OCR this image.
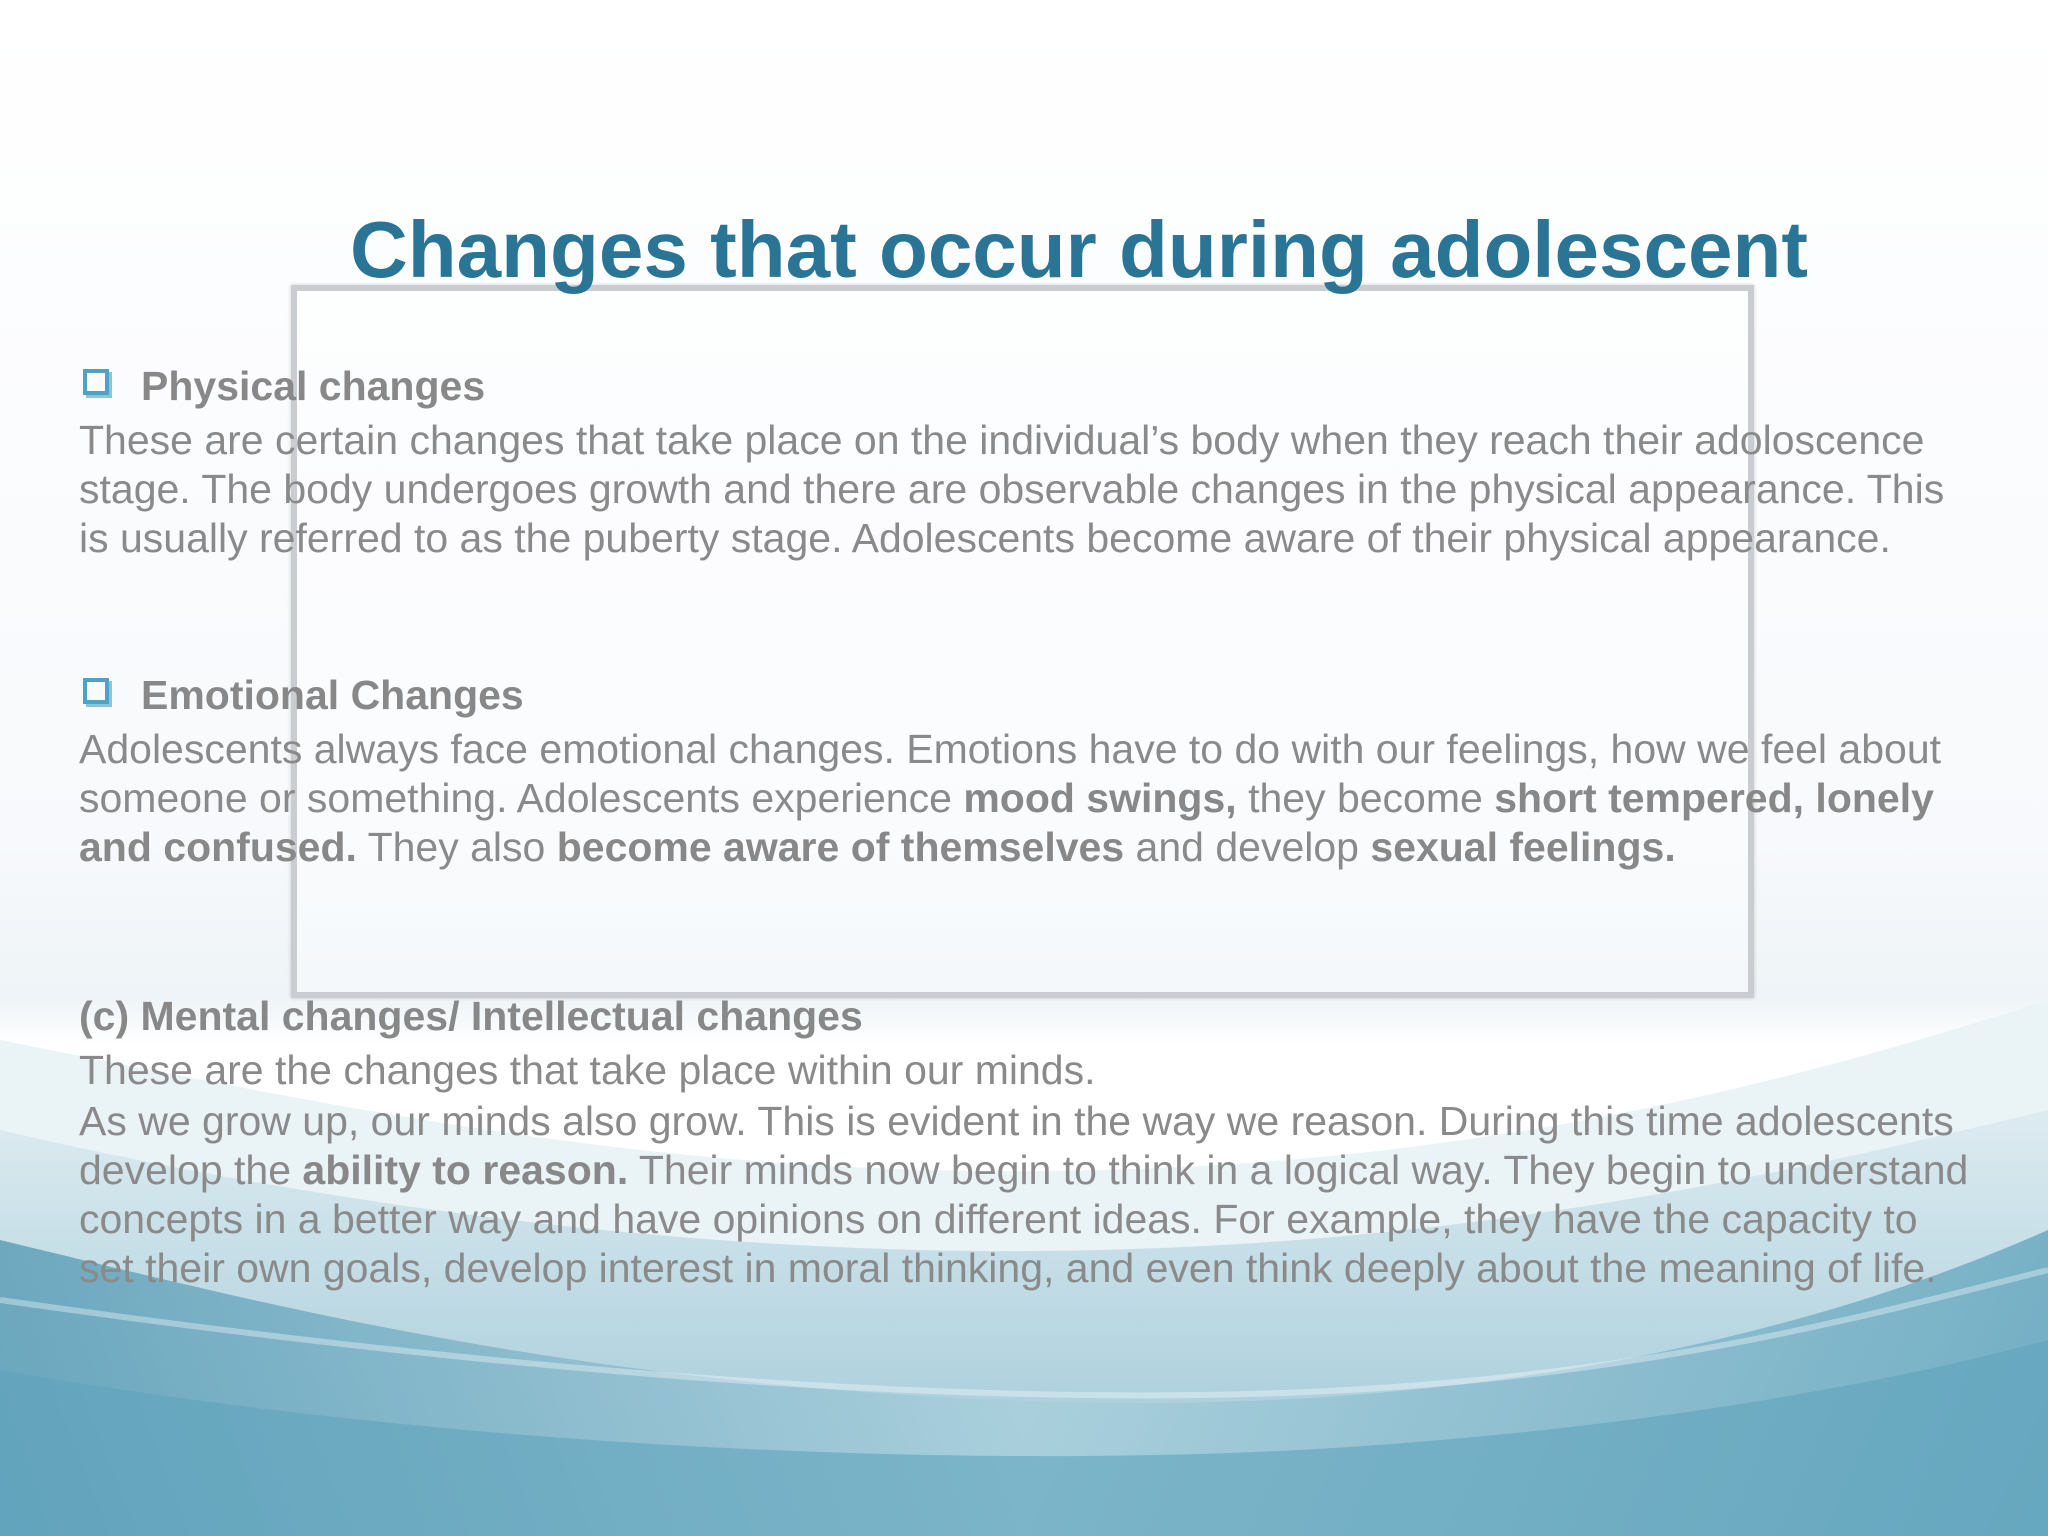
Changes that occur during adolescent
Physical changes
These are certain changes that take place on the individual’s body when they reach their adoloscence stage. The body undergoes growth and there are observable changes in the physical appearance. This is usually referred to as the puberty stage. Adolescents become aware of their physical appearance.
Emotional Changes
Adolescents always face emotional changes. Emotions have to do with our feelings, how we feel about someone or something. Adolescents experience mood swings, they become short tempered, lonely and confused. They also become aware of themselves and develop sexual feelings.
(c) Mental changes/ Intellectual changes
These are the changes that take place within our minds.
As we grow up, our minds also grow. This is evident in the way we reason. During this time adolescents develop the ability to reason. Their minds now begin to think in a logical way. They begin to understand concepts in a better way and have opinions on different ideas. For example, they have the capacity to set their own goals, develop interest in moral thinking, and even think deeply about the meaning of life.
